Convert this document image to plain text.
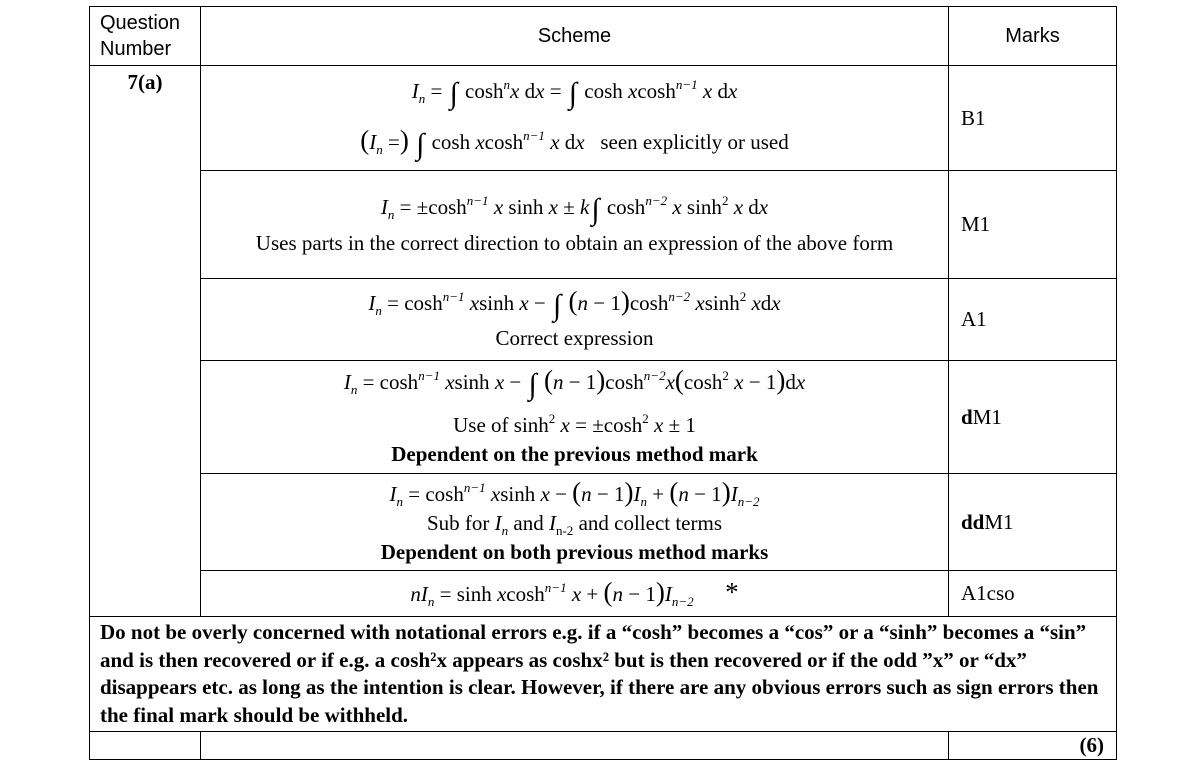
Question Number	Scheme	Marks
7(a)	$I_n$ = ∫ $\cosh^nx$ dx = ∫ cosh xcosh$^{n-1}$ x dx
($I_n$ =) ∫ cosh xcosh$^{n-1}$ x dx seen explicitly or used	B1

	$I_n = \pm\cosh^{n-1}$ x sinh x ± k∫ $\cosh^{n-2} x$ $\sinh^2 x$ dx
Uses parts in the correct direction to obtain an expression of the above form	M1

	$I_n = \cosh^{n-1} xsinh$ x − ∫ $(n - 1)\cosh^{n-2}$ xsinh$^2$ xdx
Correct expression	A1

	$I_n = \cosh^{n-1} xsinh$ x − ∫ $(n - 1)\cosh^{n-2}x(\cosh^2$ x − 1)dx
Use of $\sinh^2 x = \pm\cosh^2$ x ± 1
Dependent on the previous method mark	dM1

	$I_n = \cosh^{n-1} xsinh$ $x - (n - 1)I_n + (n - 1)I_{n-2}$
Sub for $I_n$ and $I_{n-2}$ and collect terms
Dependent on both previous method marks	ddM1

	$nI_n = \sinh xcosh^{n-1}$ $x + (n - 1)I_{n-2}$ *	A1cso
Do not be overly concerned with notational errors e.g. if a “cosh” becomes a “cos” or a “sinh” becomes a “sin” and is then recovered or if e.g. a cosh²x appears as coshx² but is then recovered or if the odd ”x” or “dx” disappears etc. as long as the intention is clear. However, if there are any obvious errors such as sign errors then the final mark should be withheld.		
		(6)
